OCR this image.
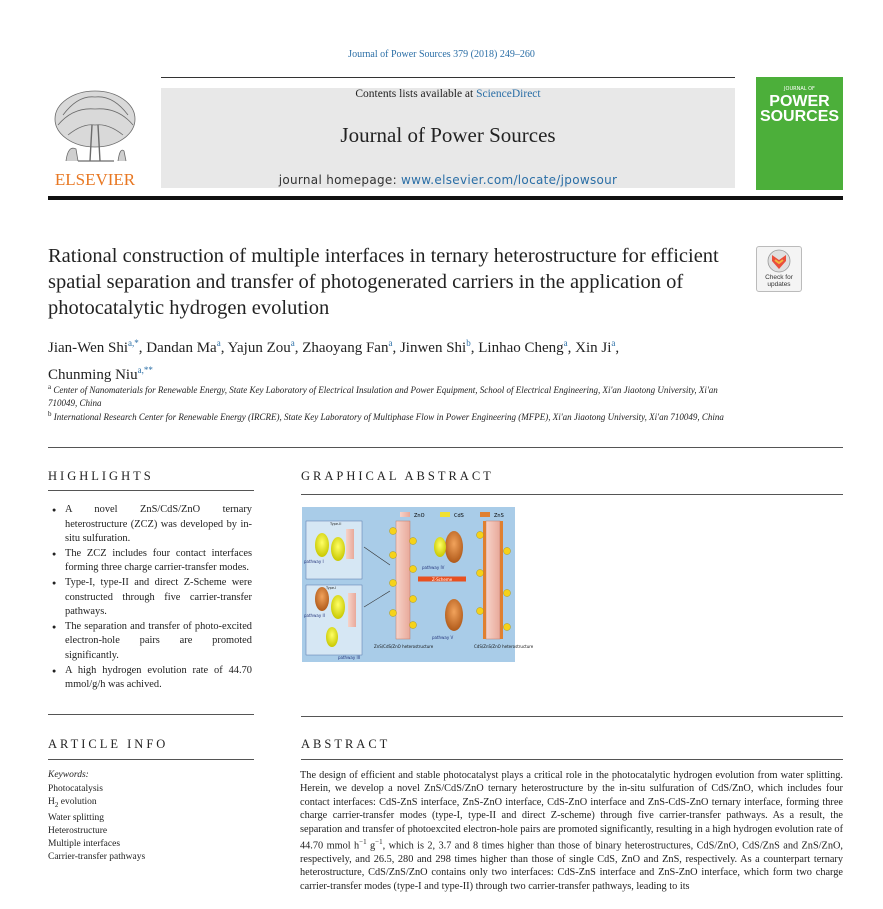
Journal of Power Sources 379 (2018) 249–260
ELSEVIER
Contents lists available at ScienceDirect
Journal of Power Sources
journal homepage: www.elsevier.com/locate/jpowsour
JOURNAL OF
POWER
SOURCES
Rational construction of multiple interfaces in ternary heterostructure for efficient spatial separation and transfer of photogenerated carriers in the application of photocatalytic hydrogen evolution
Check for
updates
Jian-Wen Shi$^{a,*}$, Dandan Ma$^a$, Yajun Zou$^a$, Zhaoyang Fan$^a$, Jinwen Shi$^b$, Linhao Cheng$^a$, Xin Ji$^a$,
Chunming Niu$^{a,**}$
$^a$ Center of Nanomaterials for Renewable Energy, State Key Laboratory of Electrical Insulation and Power Equipment, School of Electrical Engineering, Xi'an Jiaotong University, Xi'an 710049, China
$^b$ International Research Center for Renewable Energy (IRCRE), State Key Laboratory of Multiphase Flow in Power Engineering (MFPE), Xi'an Jiaotong University, Xi'an 710049, China
HIGHLIGHTS
● A novel ZnS/CdS/ZnO ternary heterostructure (ZCZ) was developed by in-situ sulfuration.
● The ZCZ includes four contact interfaces forming three charge carrier-transfer modes.
● Type-I, type-II and direct Z-Scheme were constructed through five carrier-transfer pathways.
● The separation and transfer of photo-excited electron-hole pairs are promoted significantly.
● A high hydrogen evolution rate of 44.70 mmol/g/h was achived.
GRAPHICAL ABSTRACT
ZnO	CdS	ZnS
pathway I
pathway II
pathway III
Type-II
Type-I
Z-Scheme
pathway IV
pathway V
ZnS/CdS/ZnO heterostructure	CdS/ZnS/ZnO heterostructure
ARTICLE INFO
Keywords:
Photocatalysis
$H_2$ evolution
Water splitting
Heterostructure
Multiple interfaces
Carrier-transfer pathways
ABSTRACT
The design of efficient and stable photocatalyst plays a critical role in the photocatalytic hydrogen evolution from water splitting. Herein, we develop a novel ZnS/CdS/ZnO ternary heterostructure by the in-situ sulfuration of CdS/ZnO, which includes four contact interfaces: CdS-ZnS interface, ZnS-ZnO interface, CdS-ZnO interface and ZnS-CdS-ZnO ternary interface, forming three charge carrier-transfer modes (type-I, type-II and direct Z-scheme) through five carrier-transfer pathways. As a result, the separation and transfer of photoexcited electron-hole pairs are promoted significantly, resulting in a high hydrogen evolution rate of 44.70 mmol $h^{-1}$ $g^{-1}$, which is 2, 3.7 and 8 times higher than those of binary heterostructures, CdS/ZnO, CdS/ZnS and ZnS/ZnO, respectively, and 26.5, 280 and 298 times higher than those of single CdS, ZnO and ZnS, respectively. As a counterpart ternary heterostructure, CdS/ZnS/ZnO contains only two interfaces: CdS-ZnS interface and ZnS-ZnO interface, which form two charge carrier-transfer modes (type-I and type-II) through two carrier-transfer pathways, leading to its
